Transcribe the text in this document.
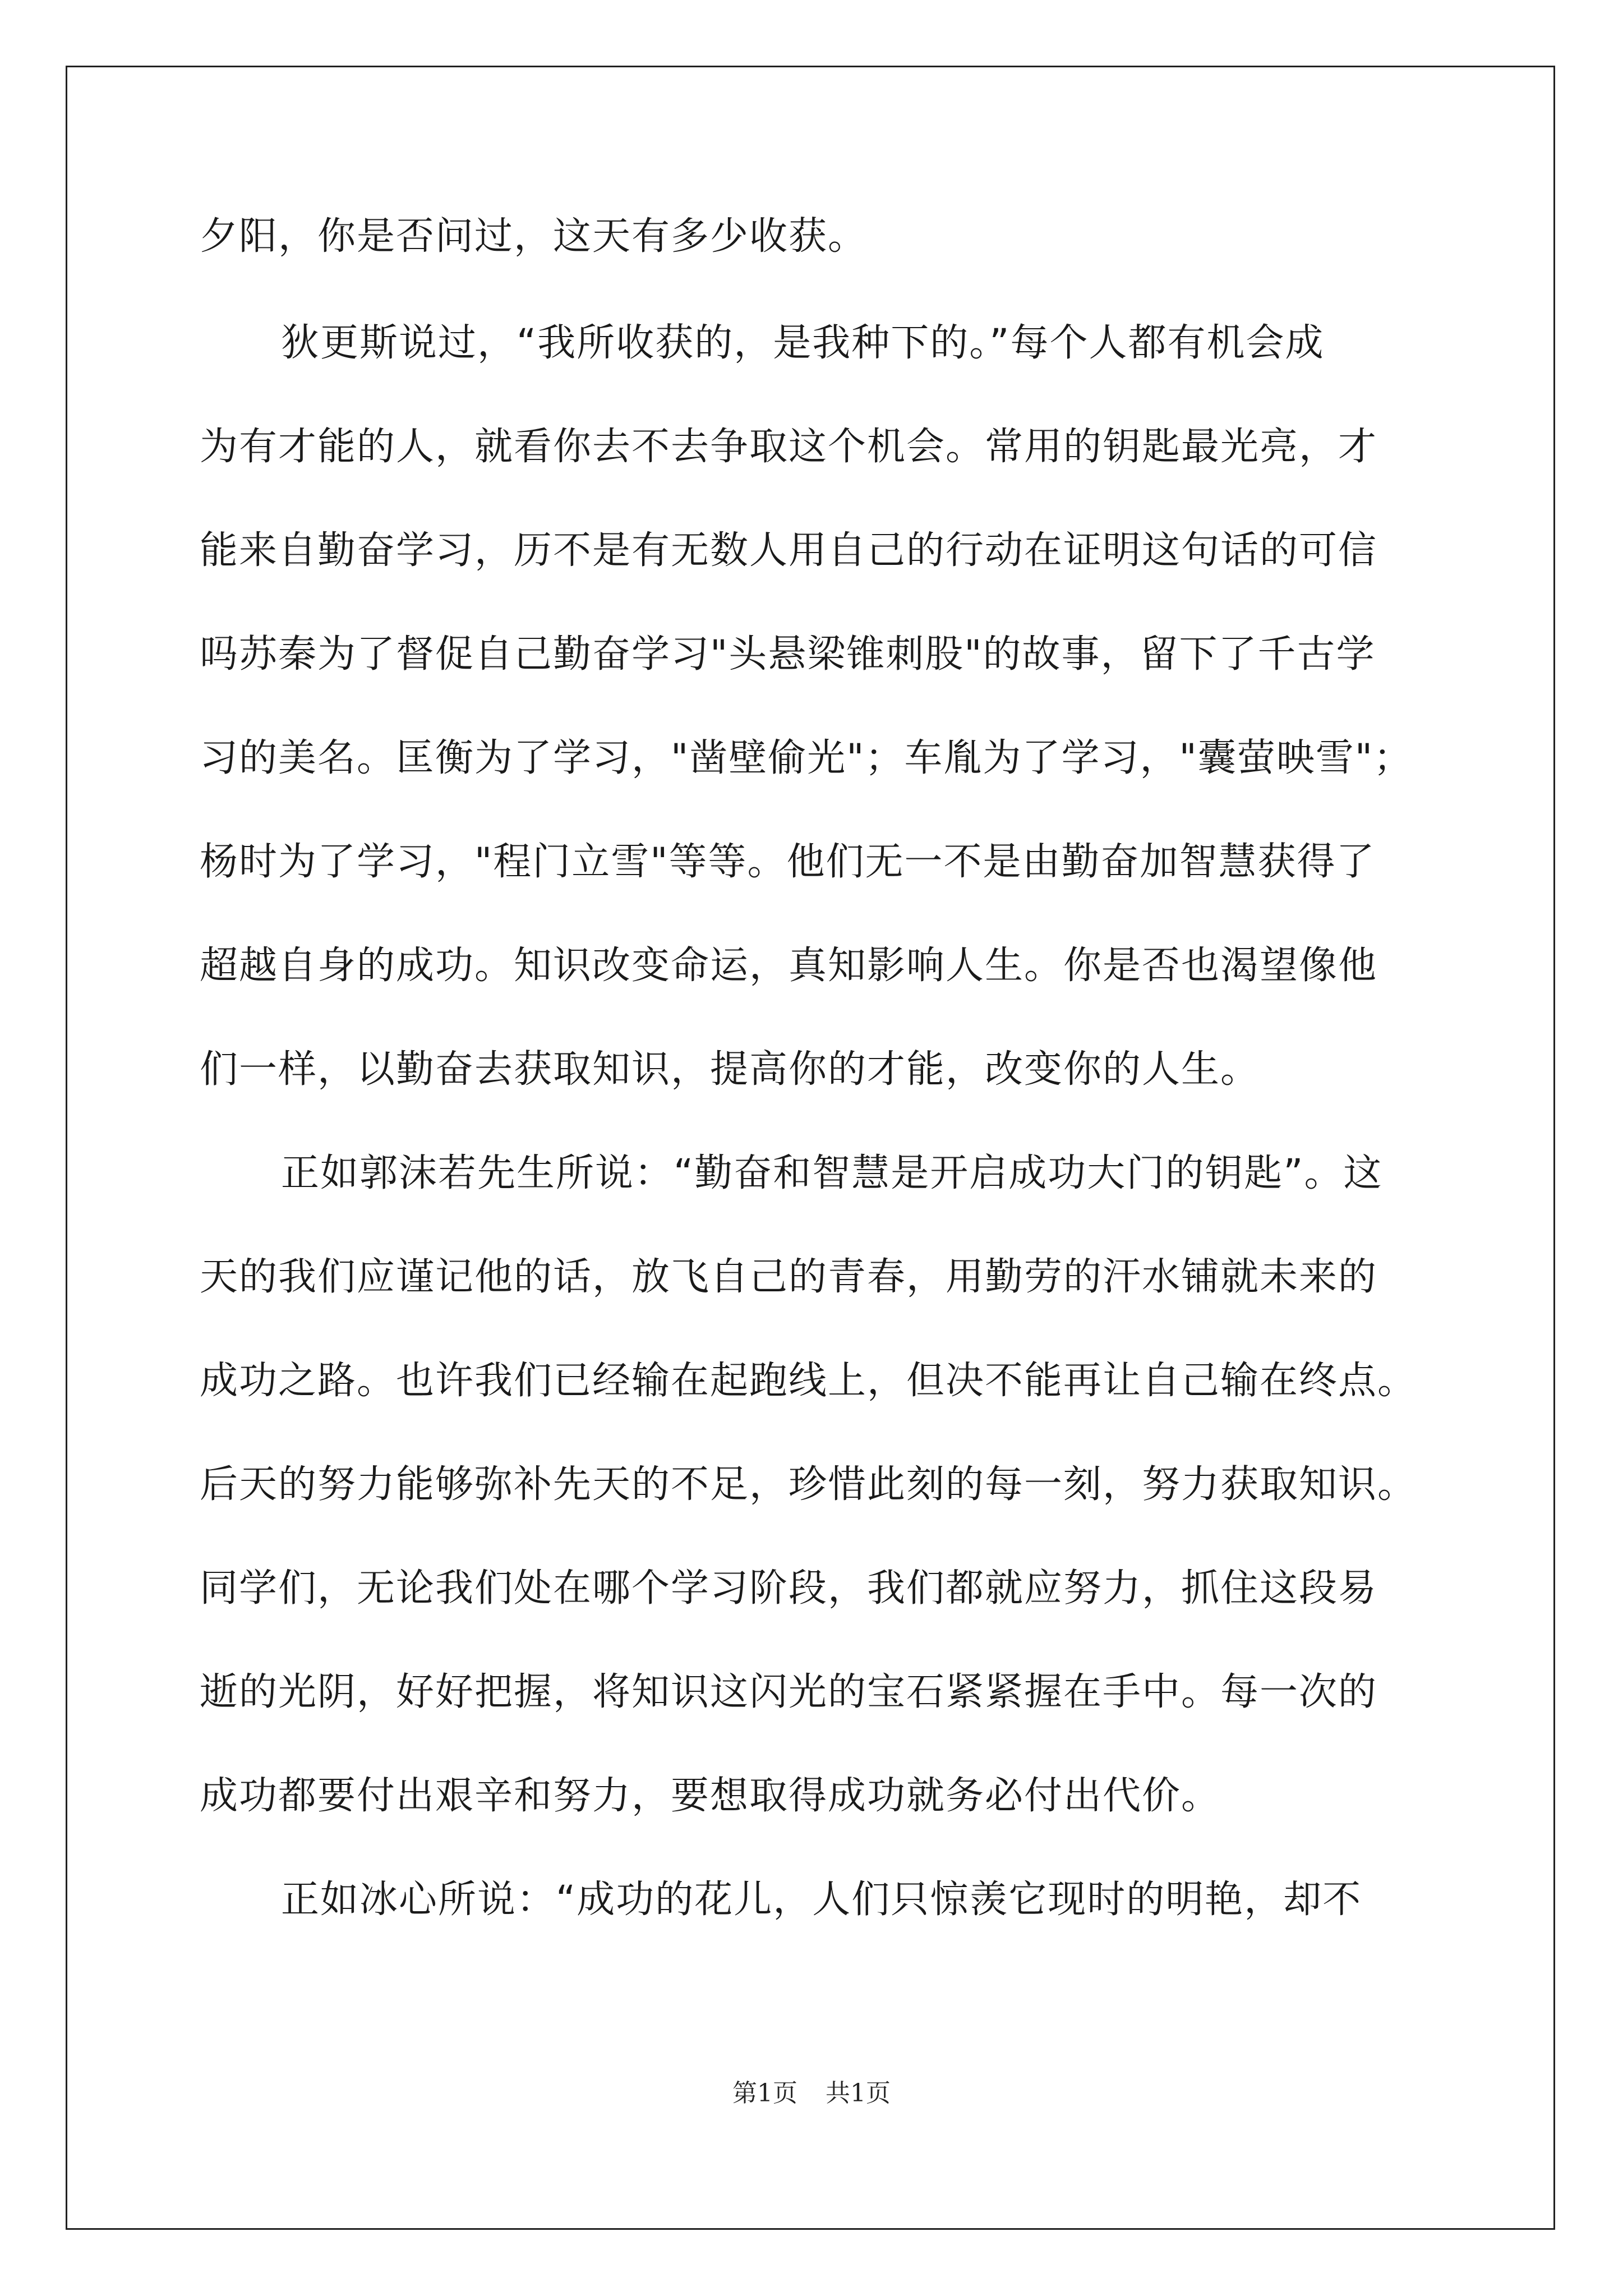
夕阳，你是否问过，这天有多少收获。
狄更斯说过，“我所收获的，是我种下的。”每个人都有机会成
为有才能的人，就看你去不去争取这个机会。常用的钥匙最光亮，才
能来自勤奋学习，历不是有无数人用自己的行动在证明这句话的可信
吗苏秦为了督促自己勤奋学习"头悬梁锥刺股"的故事，留下了千古学
习的美名。匡衡为了学习，"凿壁偷光"；车胤为了学习，"囊萤映雪"；
杨时为了学习，"程门立雪"等等。他们无一不是由勤奋加智慧获得了
超越自身的成功。知识改变命运，真知影响人生。你是否也渴望像他
们一样，以勤奋去获取知识，提高你的才能，改变你的人生。
正如郭沫若先生所说：“勤奋和智慧是开启成功大门的钥匙”。这
天的我们应谨记他的话，放飞自己的青春，用勤劳的汗水铺就未来的
成功之路。也许我们已经输在起跑线上，但决不能再让自己输在终点。
后天的努力能够弥补先天的不足，珍惜此刻的每一刻，努力获取知识。
同学们，无论我们处在哪个学习阶段，我们都就应努力，抓住这段易
逝的光阴，好好把握，将知识这闪光的宝石紧紧握在手中。每一次的
成功都要付出艰辛和努力，要想取得成功就务必付出代价。
正如冰心所说：“成功的花儿，人们只惊羡它现时的明艳，却不
第1页 共1页
